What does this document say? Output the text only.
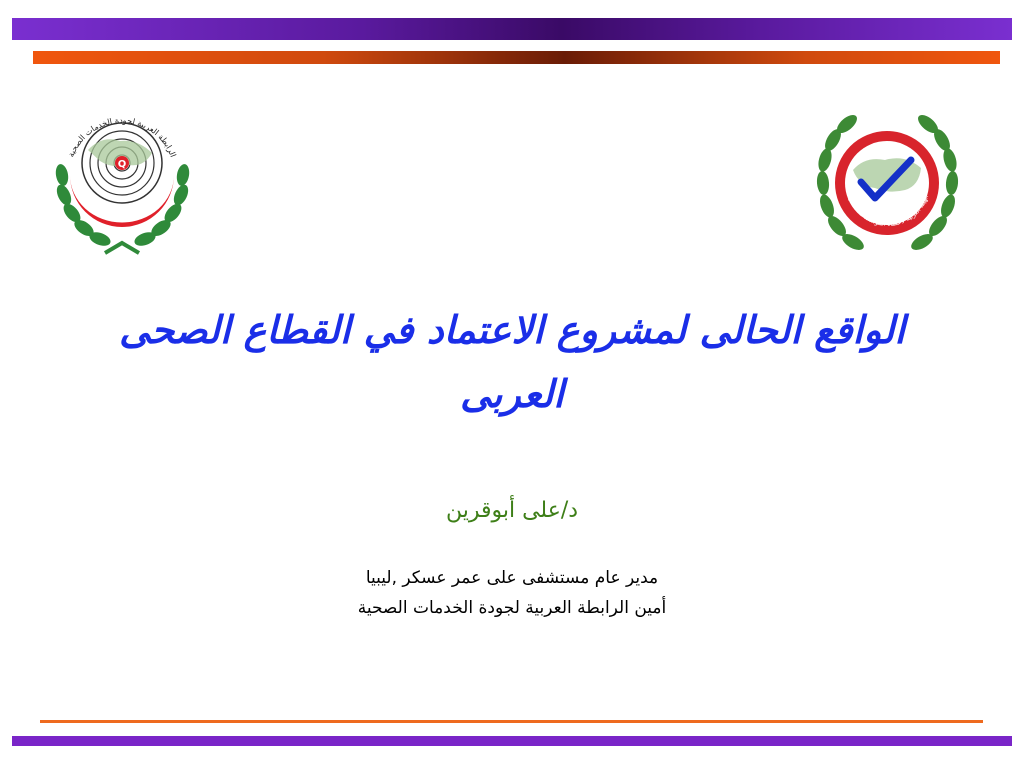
Q
الرابطة العربية لجودة الخدمات الصحية
الهيئة العربية لاعتماد المؤسسات الصحية
الواقع الحالى لمشروع الاعتماد في القطاع الصحى العربى
د/على أبوقرين
مدير عام مستشفى على عمر عسكر ,ليبيا
أمين الرابطة العربية لجودة الخدمات الصحية
